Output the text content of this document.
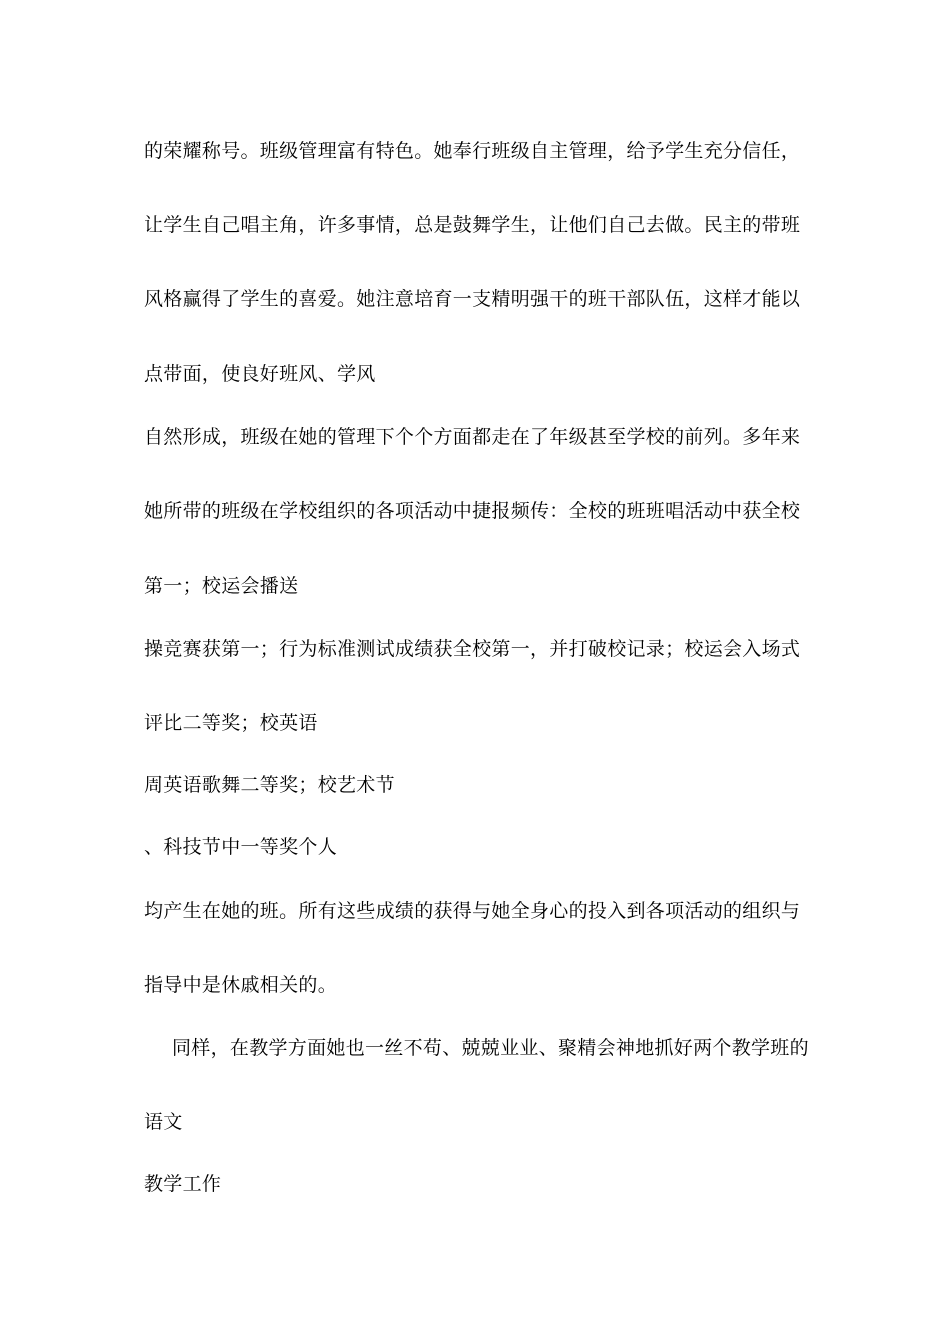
的荣耀称号。班级管理富有特色。她奉行班级自主管理，给予学生充分信任，

让学生自己唱主角，许多事情，总是鼓舞学生，让他们自己去做。民主的带班

风格赢得了学生的喜爱。她注意培育一支精明强干的班干部队伍，这样才能以

点带面，使良好班风、学风

自然形成，班级在她的管理下个个方面都走在了年级甚至学校的前列。多年来

她所带的班级在学校组织的各项活动中捷报频传：全校的班班唱活动中获全校

第一；校运会播送

操竞赛获第一；行为标准测试成绩获全校第一，并打破校记录；校运会入场式

评比二等奖；校英语

周英语歌舞二等奖；校艺术节

、科技节中一等奖个人

均产生在她的班。所有这些成绩的获得与她全身心的投入到各项活动的组织与

指导中是休戚相关的。

同样，在教学方面她也一丝不苟、兢兢业业、聚精会神地抓好两个教学班的

语文

教学工作
